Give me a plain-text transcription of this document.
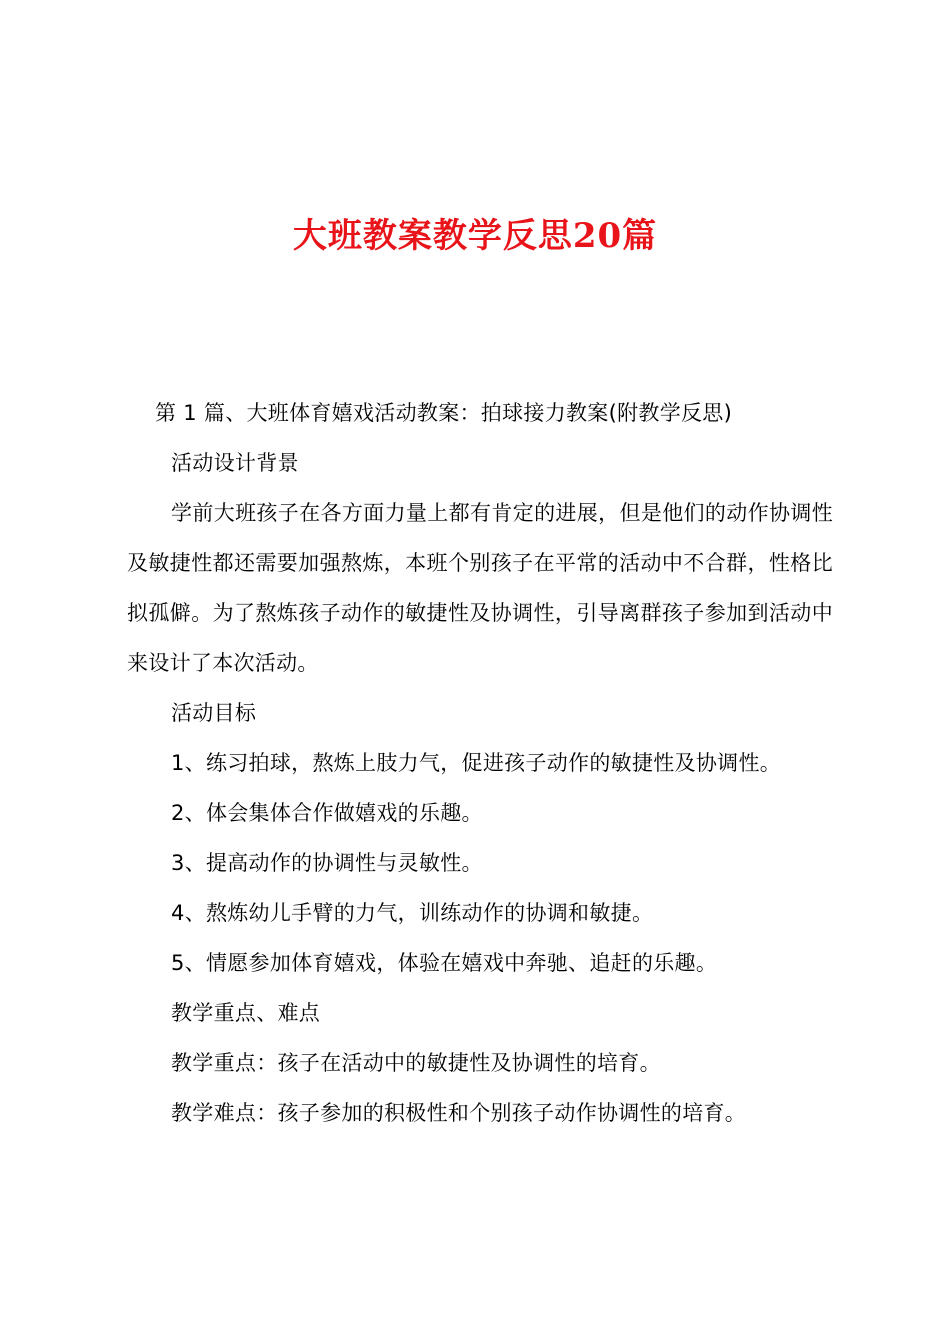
大班教案教学反思20篇

第 1 篇、大班体育嬉戏活动教案：拍球接力教案(附教学反思)

活动设计背景

学前大班孩子在各方面力量上都有肯定的进展，但是他们的动作协调性及敏捷性都还需要加强熬炼，本班个别孩子在平常的活动中不合群，性格比拟孤僻。为了熬炼孩子动作的敏捷性及协调性，引导离群孩子参加到活动中来设计了本次活动。

活动目标

1、练习拍球，熬炼上肢力气，促进孩子动作的敏捷性及协调性。

2、体会集体合作做嬉戏的乐趣。

3、提高动作的协调性与灵敏性。

4、熬炼幼儿手臂的力气，训练动作的协调和敏捷。

5、情愿参加体育嬉戏，体验在嬉戏中奔驰、追赶的乐趣。

教学重点、难点

教学重点：孩子在活动中的敏捷性及协调性的培育。

教学难点：孩子参加的积极性和个别孩子动作协调性的培育。
